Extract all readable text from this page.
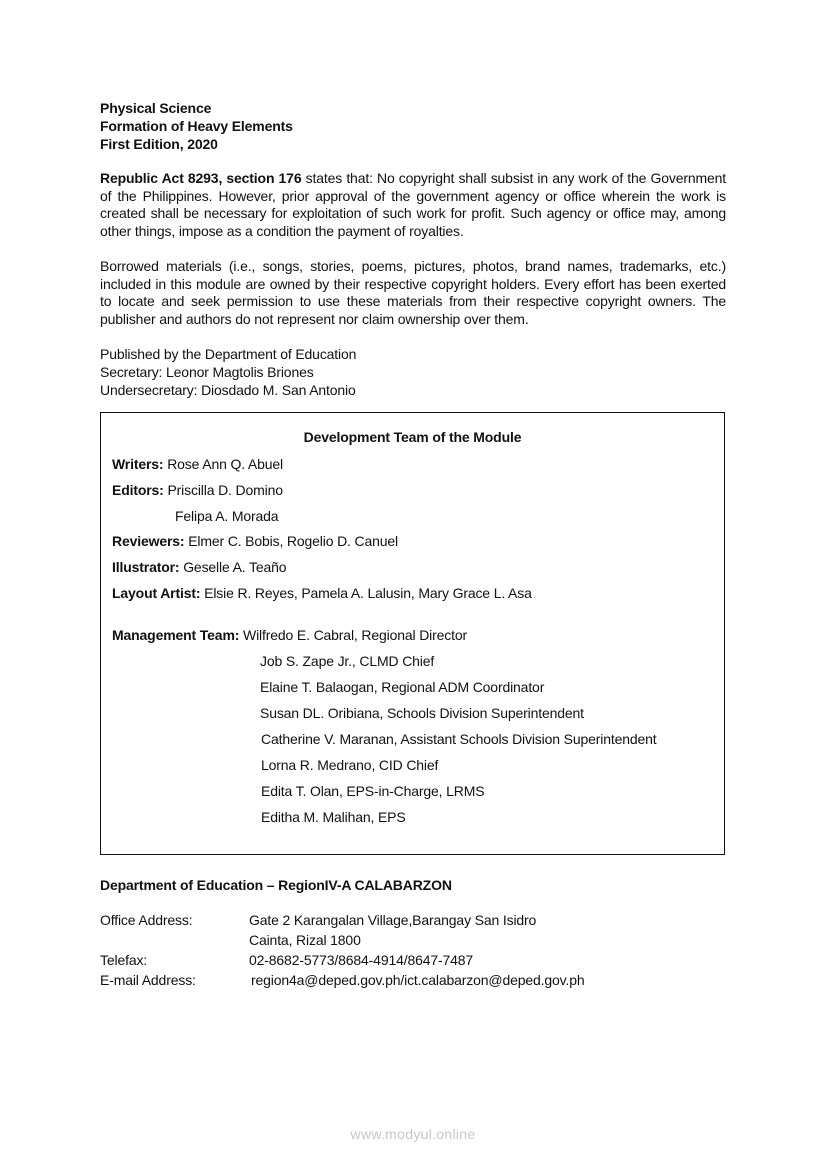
Physical Science
Formation of Heavy Elements
First Edition, 2020
Republic Act 8293, section 176 states that: No copyright shall subsist in any work of the Government of the Philippines. However, prior approval of the government agency or office wherein the work is created shall be necessary for exploitation of such work for profit. Such agency or office may, among other things, impose as a condition the payment of royalties.
Borrowed materials (i.e., songs, stories, poems, pictures, photos, brand names, trademarks, etc.) included in this module are owned by their respective copyright holders. Every effort has been exerted to locate and seek permission to use these materials from their respective copyright owners. The publisher and authors do not represent nor claim ownership over them.
Published by the Department of Education
Secretary: Leonor Magtolis Briones
Undersecretary: Diosdado M. San Antonio
Development Team of the Module
Writers: Rose Ann Q. Abuel
Editors: Priscilla D. Domino
Felipa A. Morada
Reviewers: Elmer C. Bobis, Rogelio D. Canuel
Illustrator: Geselle A. Teaño
Layout Artist: Elsie R. Reyes, Pamela A. Lalusin, Mary Grace L. Asa
Management Team: Wilfredo E. Cabral, Regional Director
Job S. Zape Jr., CLMD Chief
Elaine T. Balaogan, Regional ADM Coordinator
Susan DL. Oribiana, Schools Division Superintendent
Catherine V. Maranan, Assistant Schools Division Superintendent
Lorna R. Medrano, CID Chief
Edita T. Olan, EPS-in-Charge, LRMS
Editha M. Malihan, EPS
Department of Education – RegionIV-A CALABARZON
Office Address:	Gate 2 Karangalan Village,Barangay San Isidro
Cainta, Rizal 1800
Telefax:	02-8682-5773/8684-4914/8647-7487
E-mail Address:	region4a@deped.gov.ph/ict.calabarzon@deped.gov.ph
www.modyul.online
